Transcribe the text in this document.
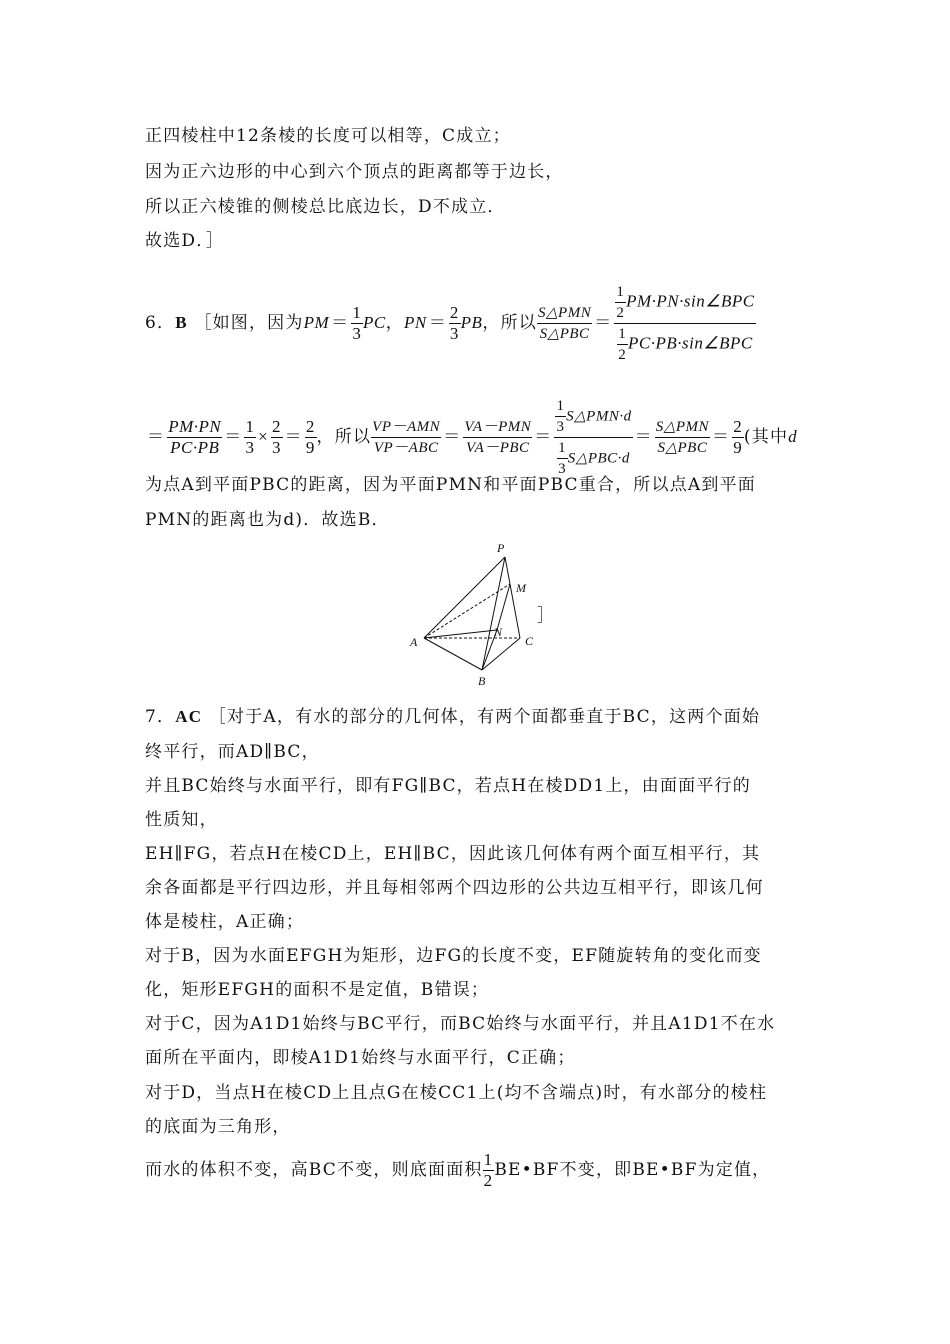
正四棱柱中12条棱的长度可以相等，C成立；
因为正六边形的中心到六个顶点的距离都等于边长，
所以正六棱锥的侧棱总比底边长，D不成立．
故选D．］
6．B ［如图，因为PM ＝ $\frac{1}{3}$ PC，PN ＝ $\frac{2}{3}$ PB，所以 $\frac{\text{S△PMN}}{\text{S△PBC}} = \frac{\frac{1}{2} PM\cdot PN\cdot\sin\angle BPC}{\frac{1}{2} PC\cdot PB\cdot\sin\angle BPC}$
＝ $\frac{PM\cdot PN}{PC\cdot PB} = \frac{1}{3} \times \frac{2}{3} = \frac{2}{9}$ ，所以 $\frac{\text{VP－AMN}}{\text{VP－ABC}} = \frac{\text{VA－PMN}}{\text{VA－PBC}} = \frac{\frac{1}{3} S\triangle PMN\cdot d}{\frac{1}{3} S\triangle PBC\cdot d} = \frac{\text{S△PMN}}{\text{S△PBC}} = \frac{2}{9}$ (其中d
为点A到平面PBC的距离，因为平面PMN和平面PBC重合，所以点A到平面
PMN的距离也为d)．故选B．
P
M
A
N
C
B
］
7．AC ［对于A，有水的部分的几何体，有两个面都垂直于BC，这两个面始
终平行，而AD∥BC，
并且BC始终与水面平行，即有FG∥BC，若点H在棱DD1上，由面面平行的
性质知，
EH∥FG，若点H在棱CD上，EH∥BC，因此该几何体有两个面互相平行，其
余各面都是平行四边形，并且每相邻两个四边形的公共边互相平行，即该几何
体是棱柱，A正确；
对于B，因为水面EFGH为矩形，边FG的长度不变，EF随旋转角的变化而变
化，矩形EFGH的面积不是定值，B错误；
对于C，因为A1D1始终与BC平行，而BC始终与水面平行，并且A1D1不在水
面所在平面内，即棱A1D1始终与水面平行，C正确；
对于D，当点H在棱CD上且点G在棱CC1上(均不含端点)时，有水部分的棱柱
的底面为三角形，
而水的体积不变，高BC不变，则底面面积 $\frac{1}{2}$ BE•BF不变，即BE•BF为定值，
